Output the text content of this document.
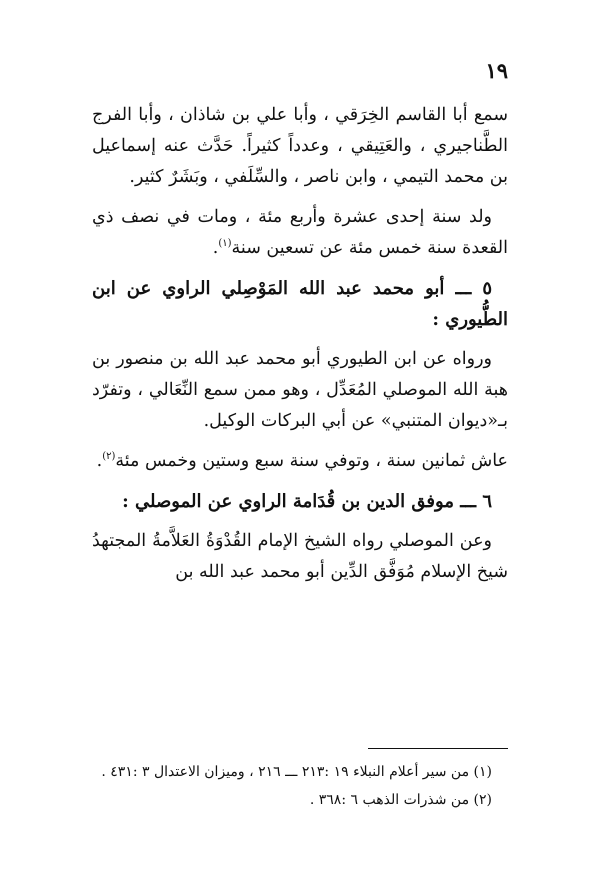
١٩

سمع أبا القاسم الخِرَقي ، وأبا علي بن شاذان ، وأبا الفرج الطَّناجيري ، والعَتِيقي ، وعدداً كثيراً. حَدَّث عنه إسماعيل بن محمد التيمي ، وابن ناصر ، والسِّلَفي ، وبَشَرٌ كثير.

ولد سنة إحدى عشرة وأربع مئة ، ومات في نصف ذي القعدة سنة خمس مئة عن تسعين سنة$^{(١)}$.

٥ ـــ أبو محمد عبد الله المَوْصِلي الراوي عن ابن الطُّيوري :

ورواه عن ابن الطيوري أبو محمد عبد الله بن منصور بن هبة الله الموصلي المُعَدِّل ، وهو ممن سمع النِّعَالي ، وتفرّد بـ«ديوان المتنبي» عن أبي البركات الوكيل.

عاش ثمانين سنة ، وتوفي سنة سبع وستين وخمس مئة$^{(٢)}$.

٦ ـــ موفق الدين بن قُدَامة الراوي عن الموصلي :

وعن الموصلي رواه الشيخ الإمام القُدْوَةُ العَلاَّمةُ المجتهدُ شيخ الإسلام مُوَفَّق الدِّين أبو محمد عبد الله بن

(١) من سير أعلام النبلاء ١٩ :٢١٣ ـــ ٢١٦ ، وميزان الاعتدال ٣ :٤٣١ .

(٢) من شذرات الذهب ٦ :٣٦٨ .
